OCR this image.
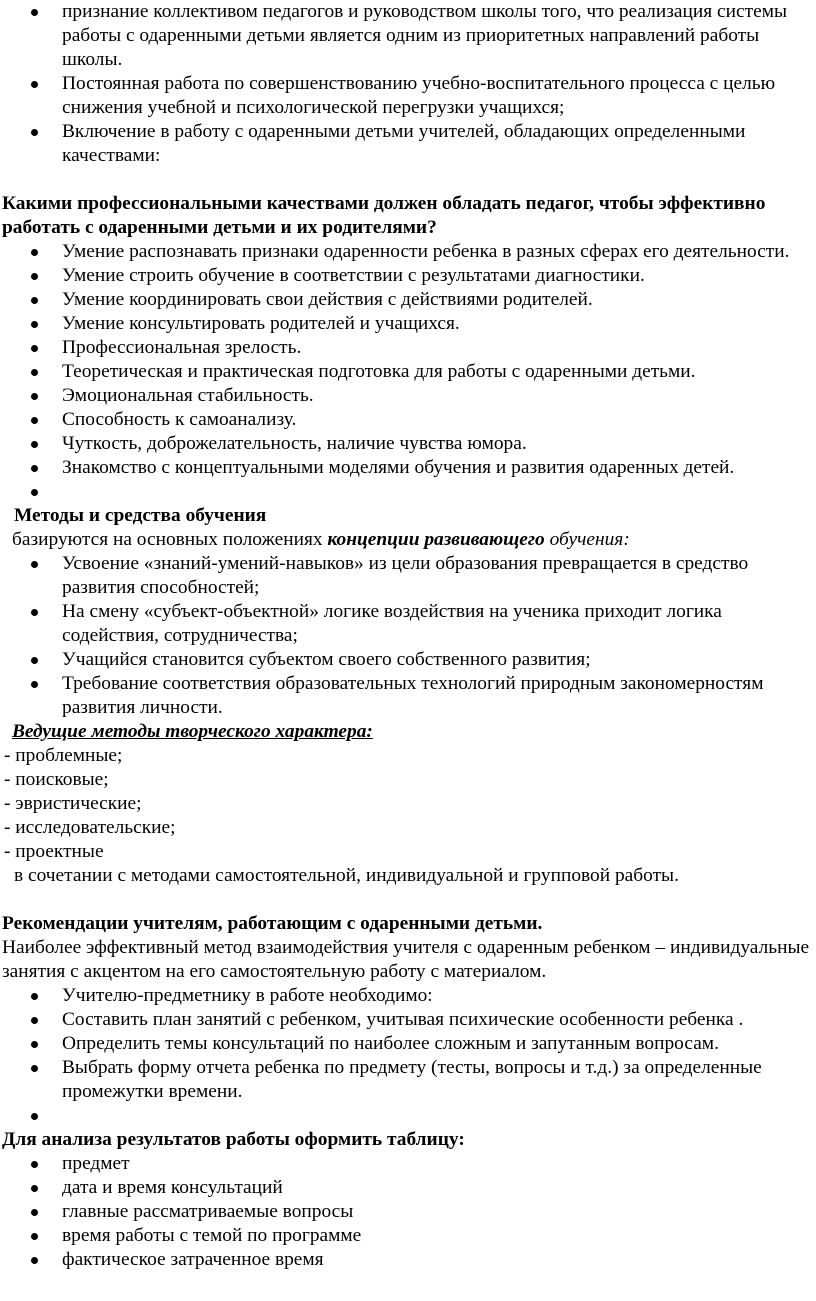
признание коллективом педагогов и руководством школы того, что реализация системы работы с одаренными детьми является одним из приоритетных направлений работы школы.
Постоянная работа по совершенствованию учебно-воспитательного процесса с целью снижения учебной и психологической перегрузки учащихся;
Включение в работу с одаренными детьми учителей, обладающих определенными качествами:
Какими профессиональными качествами должен обладать педагог, чтобы эффективно работать с одаренными детьми и их родителями?
Умение распознавать признаки одаренности ребенка в разных сферах его деятельности.
Умение строить обучение в соответствии с результатами диагностики.
Умение координировать свои действия с действиями родителей.
Умение консультировать родителей и учащихся.
Профессиональная зрелость.
Теоретическая и практическая подготовка для работы с одаренными детьми.
Эмоциональная стабильность.
Способность к самоанализу.
Чуткость, доброжелательность, наличие чувства юмора.
Знакомство с концептуальными моделями обучения и развития одаренных детей.
Методы и средства обучения
базируются на основных положениях концепции развивающего обучения:
Усвоение «знаний-умений-навыков» из цели образования превращается в средство развития способностей;
На смену «субъект-объектной» логике воздействия на ученика приходит логика содействия, сотрудничества;
Учащийся становится субъектом своего собственного развития;
Требование соответствия образовательных технологий природным закономерностям развития личности.
Ведущие методы творческого характера:
- проблемные;
- поисковые;
- эвристические;
- исследовательские;
- проектные
в сочетании с методами самостоятельной, индивидуальной и групповой работы.
Рекомендации учителям, работающим с одаренными детьми.
Наиболее эффективный метод взаимодействия учителя с одаренным ребенком – индивидуальные занятия с акцентом на его самостоятельную работу с материалом.
Учителю-предметнику в работе необходимо:
Составить план занятий с ребенком, учитывая психические особенности ребенка .
Определить темы консультаций по наиболее сложным и запутанным вопросам.
Выбрать форму отчета ребенка по предмету (тесты, вопросы и т.д.) за определенные промежутки времени.
Для анализа результатов работы оформить таблицу:
предмет
дата и время консультаций
главные рассматриваемые вопросы
время работы с темой по программе
фактическое затраченное время
